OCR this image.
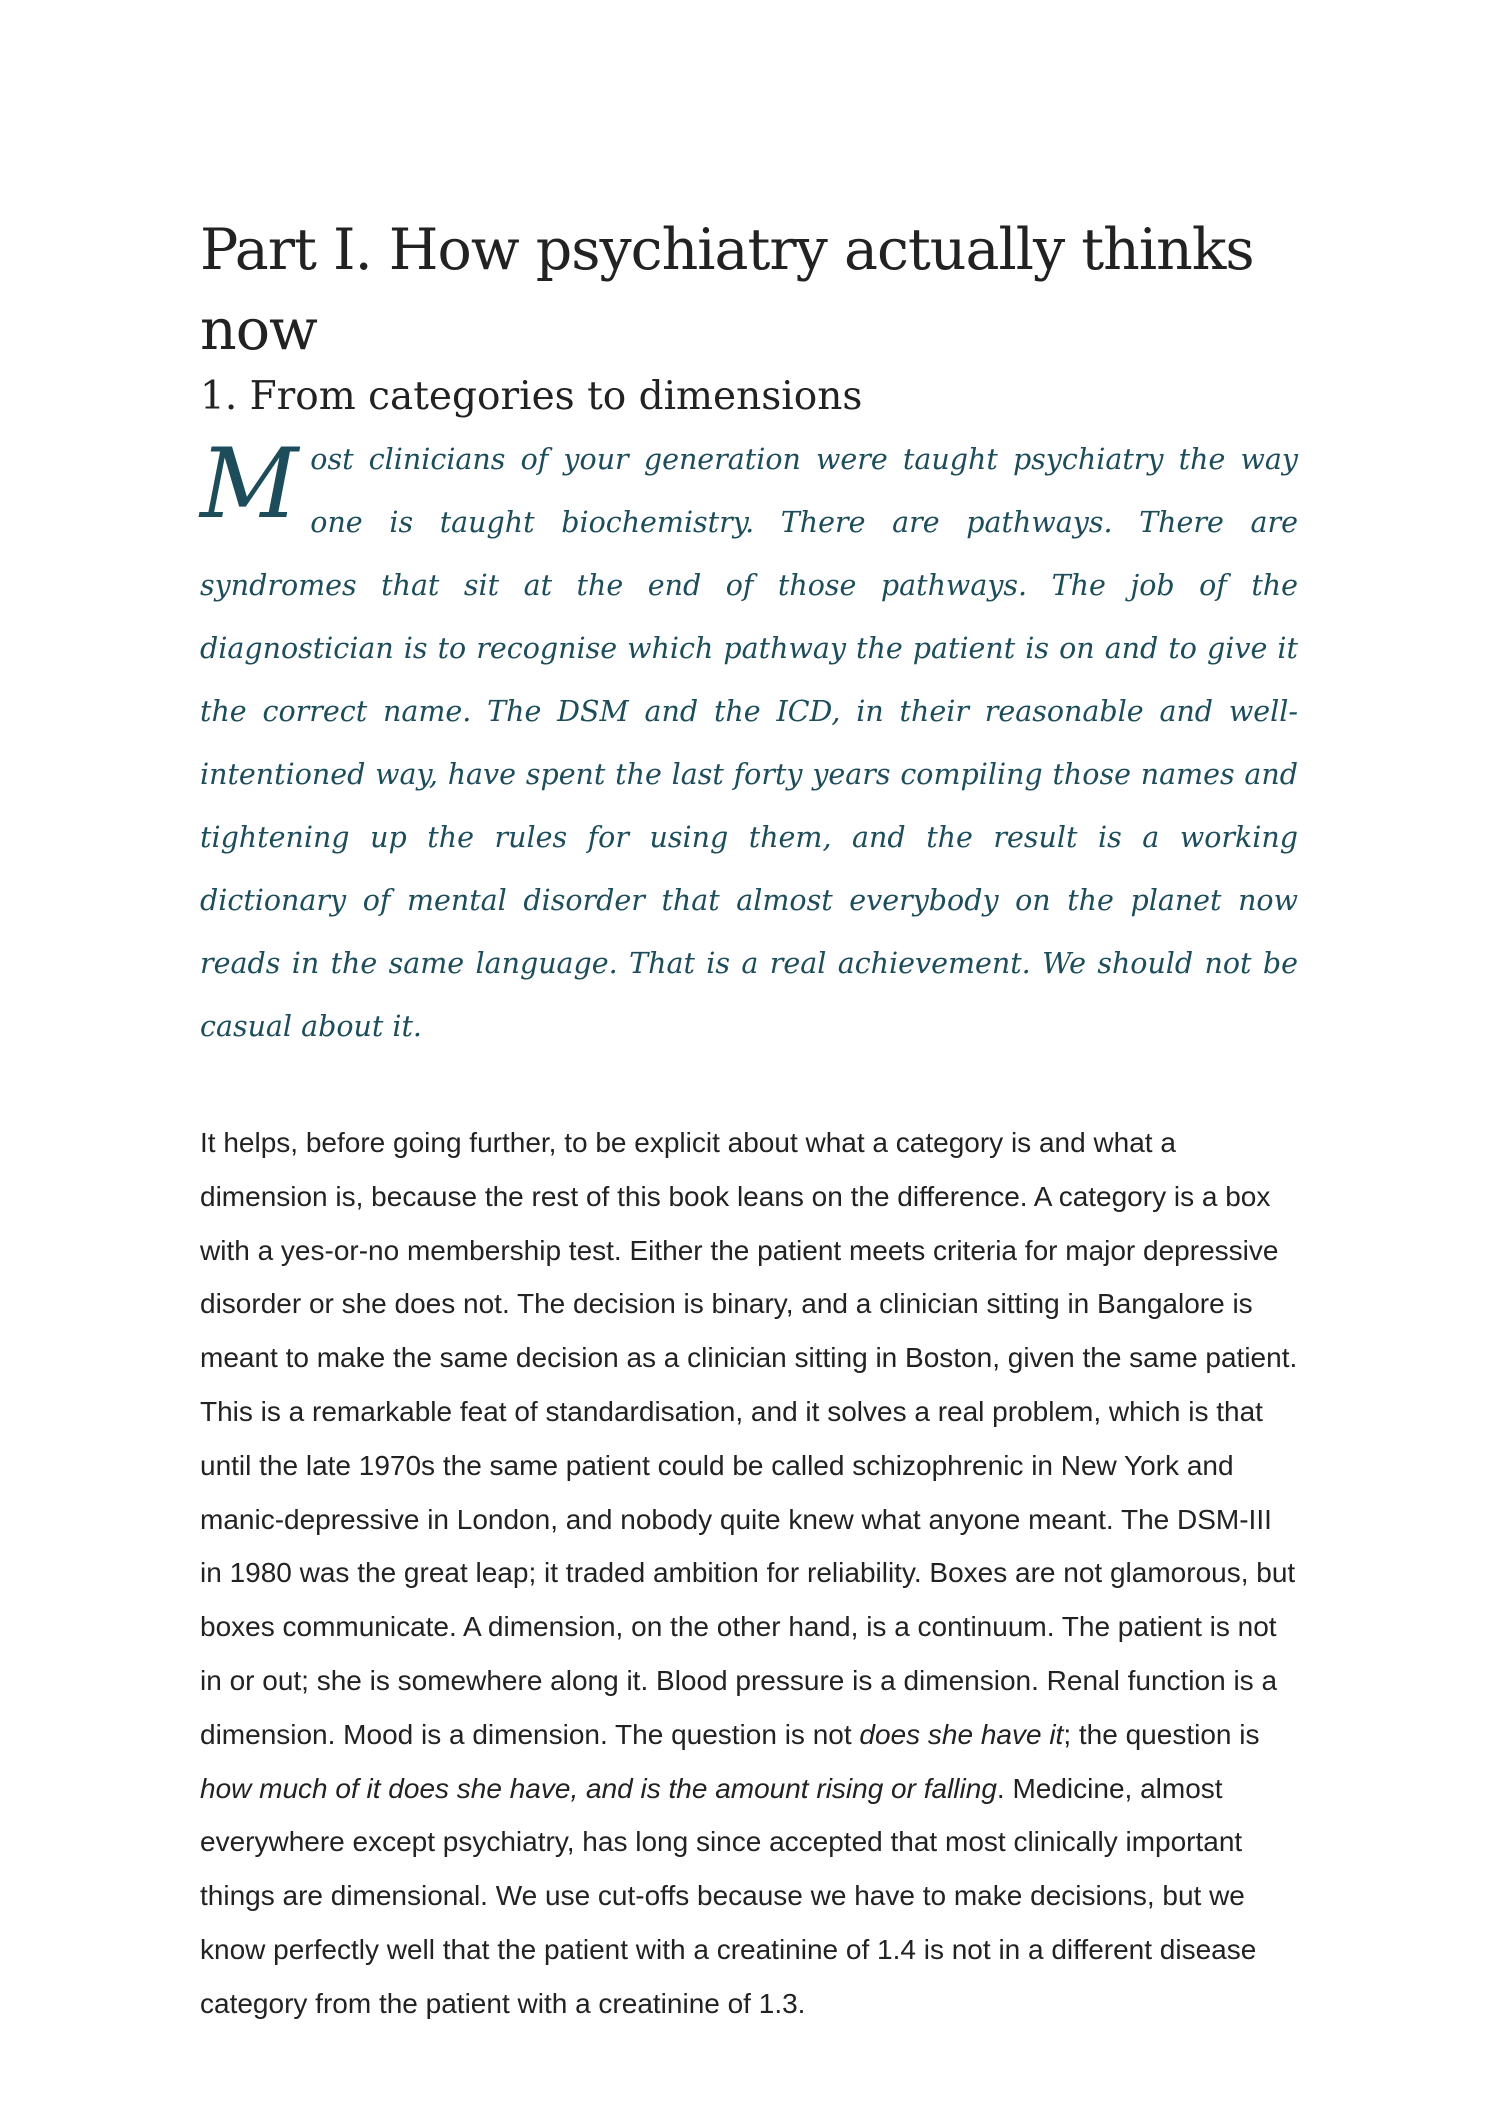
Part I. How psychiatry actually thinks now
1. From categories to dimensions

Most clinicians of your generation were taught psychiatry the way one is taught biochemistry. There are pathways. There are syndromes that sit at the end of those pathways. The job of the diagnostician is to recognise which pathway the patient is on and to give it the correct name. The DSM and the ICD, in their reasonable and well-intentioned way, have spent the last forty years compiling those names and tightening up the rules for using them, and the result is a working dictionary of mental disorder that almost everybody on the planet now reads in the same language. That is a real achievement. We should not be casual about it.

It helps, before going further, to be explicit about what a category is and what a dimension is, because the rest of this book leans on the difference. A category is a box with a yes-or-no membership test. Either the patient meets criteria for major depressive disorder or she does not. The decision is binary, and a clinician sitting in Bangalore is meant to make the same decision as a clinician sitting in Boston, given the same patient. This is a remarkable feat of standardisation, and it solves a real problem, which is that until the late 1970s the same patient could be called schizophrenic in New York and manic-depressive in London, and nobody quite knew what anyone meant. The DSM-III in 1980 was the great leap; it traded ambition for reliability. Boxes are not glamorous, but boxes communicate. A dimension, on the other hand, is a continuum. The patient is not in or out; she is somewhere along it. Blood pressure is a dimension. Renal function is a dimension. Mood is a dimension. The question is not does she have it; the question is how much of it does she have, and is the amount rising or falling. Medicine, almost everywhere except psychiatry, has long since accepted that most clinically important things are dimensional. We use cut-offs because we have to make decisions, but we know perfectly well that the patient with a creatinine of 1.4 is not in a different disease category from the patient with a creatinine of 1.3.
